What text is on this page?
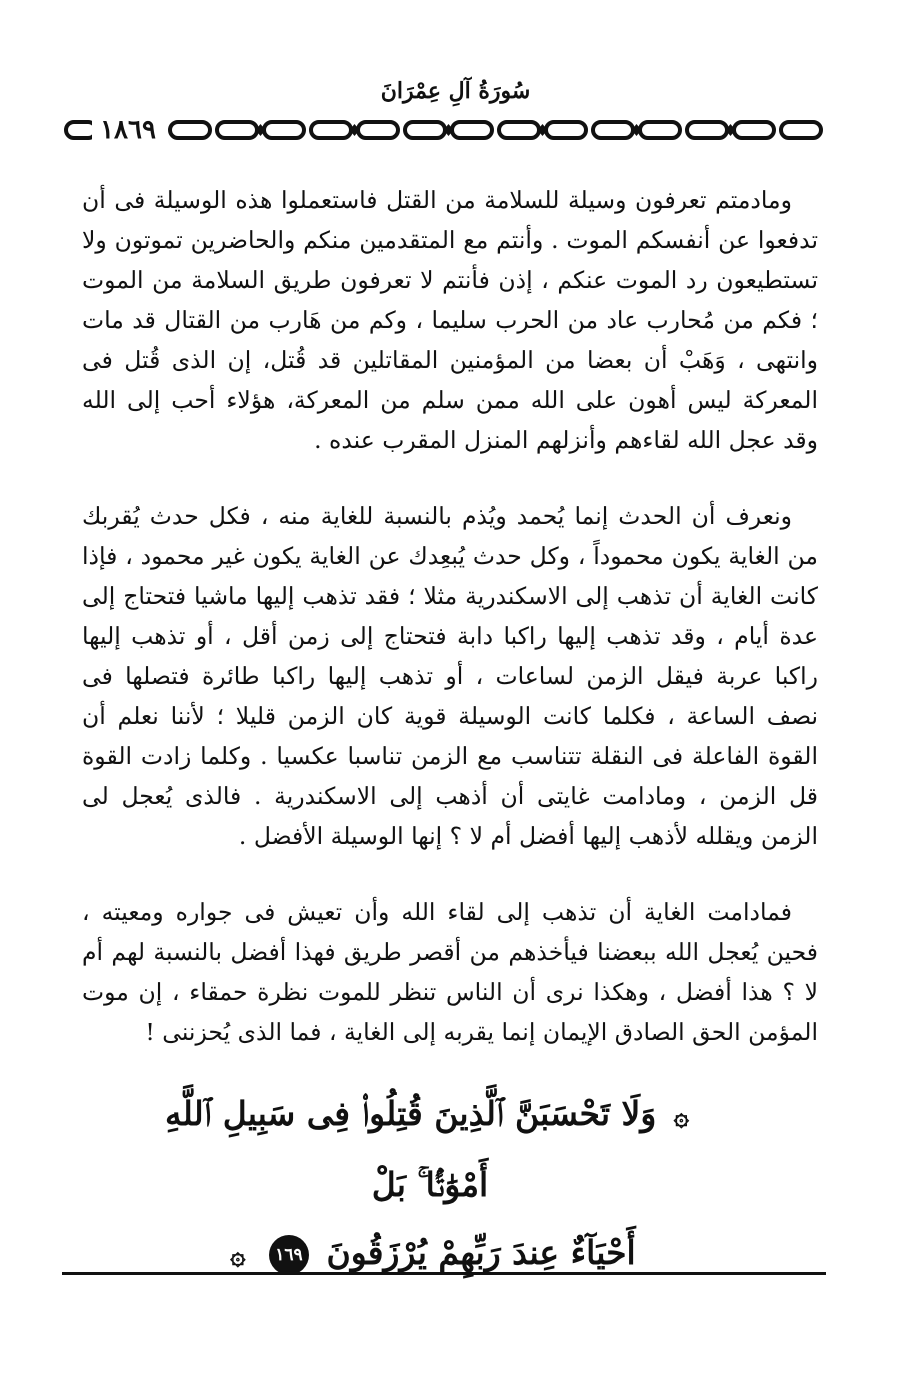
سُورَةُ آلِ عِمْرَانَ
١٨٦٩

ومادمتم تعرفون وسيلة للسلامة من القتل فاستعملوا هذه الوسيلة فى أن تدفعوا عن أنفسكم الموت . وأنتم مع المتقدمين منكم والحاضرين تموتون ولا تستطيعون رد الموت عنكم ، إذن فأنتم لا تعرفون طريق السلامة من الموت ؛ فكم من مُحارب عاد من الحرب سليما ، وكم من هَارب من القتال قد مات وانتهى ، وَهَبْ أن بعضا من المؤمنين المقاتلين قد قُتل، إن الذى قُتل فى المعركة ليس أهون على الله ممن سلم من المعركة، هؤلاء أحب إلى الله وقد عجل الله لقاءهم وأنزلهم المنزل المقرب عنده .

ونعرف أن الحدث إنما يُحمد ويُذم بالنسبة للغاية منه ، فكل حدث يُقربك من الغاية يكون محموداً ، وكل حدث يُبعِدك عن الغاية يكون غير محمود ، فإذا كانت الغاية أن تذهب إلى الاسكندرية مثلا ؛ فقد تذهب إليها ماشيا فتحتاج إلى عدة أيام ، وقد تذهب إليها راكبا دابة فتحتاج إلى زمن أقل ، أو تذهب إليها راكبا عربة فيقل الزمن لساعات ، أو تذهب إليها راكبا طائرة فتصلها فى نصف الساعة ، فكلما كانت الوسيلة قوية كان الزمن قليلا ؛ لأننا نعلم أن القوة الفاعلة فى النقلة تتناسب مع الزمن تناسبا عكسيا . وكلما زادت القوة قل الزمن ، ومادامت غايتى أن أذهب إلى الاسكندرية . فالذى يُعجل لى الزمن ويقلله لأذهب إليها أفضل أم لا ؟ إنها الوسيلة الأفضل .

فمادامت الغاية أن تذهب إلى لقاء الله وأن تعيش فى جواره ومعيته ، فحين يُعجل الله ببعضنا فيأخذهم من أقصر طريق فهذا أفضل بالنسبة لهم أم لا ؟ هذا أفضل ، وهكذا نرى أن الناس تنظر للموت نظرة حمقاء ، إن موت المؤمن الحق الصادق الإيمان إنما يقربه إلى الغاية ، فما الذى يُحزننى !

۞ وَلَا تَحْسَبَنَّ ٱلَّذِينَ قُتِلُوا۟ فِى سَبِيلِ ٱللَّهِ أَمْوَٰتًۢا ۚ بَلْ
أَحْيَآءٌ عِندَ رَبِّهِمْ يُرْزَقُونَ ١٦٩ ۞
